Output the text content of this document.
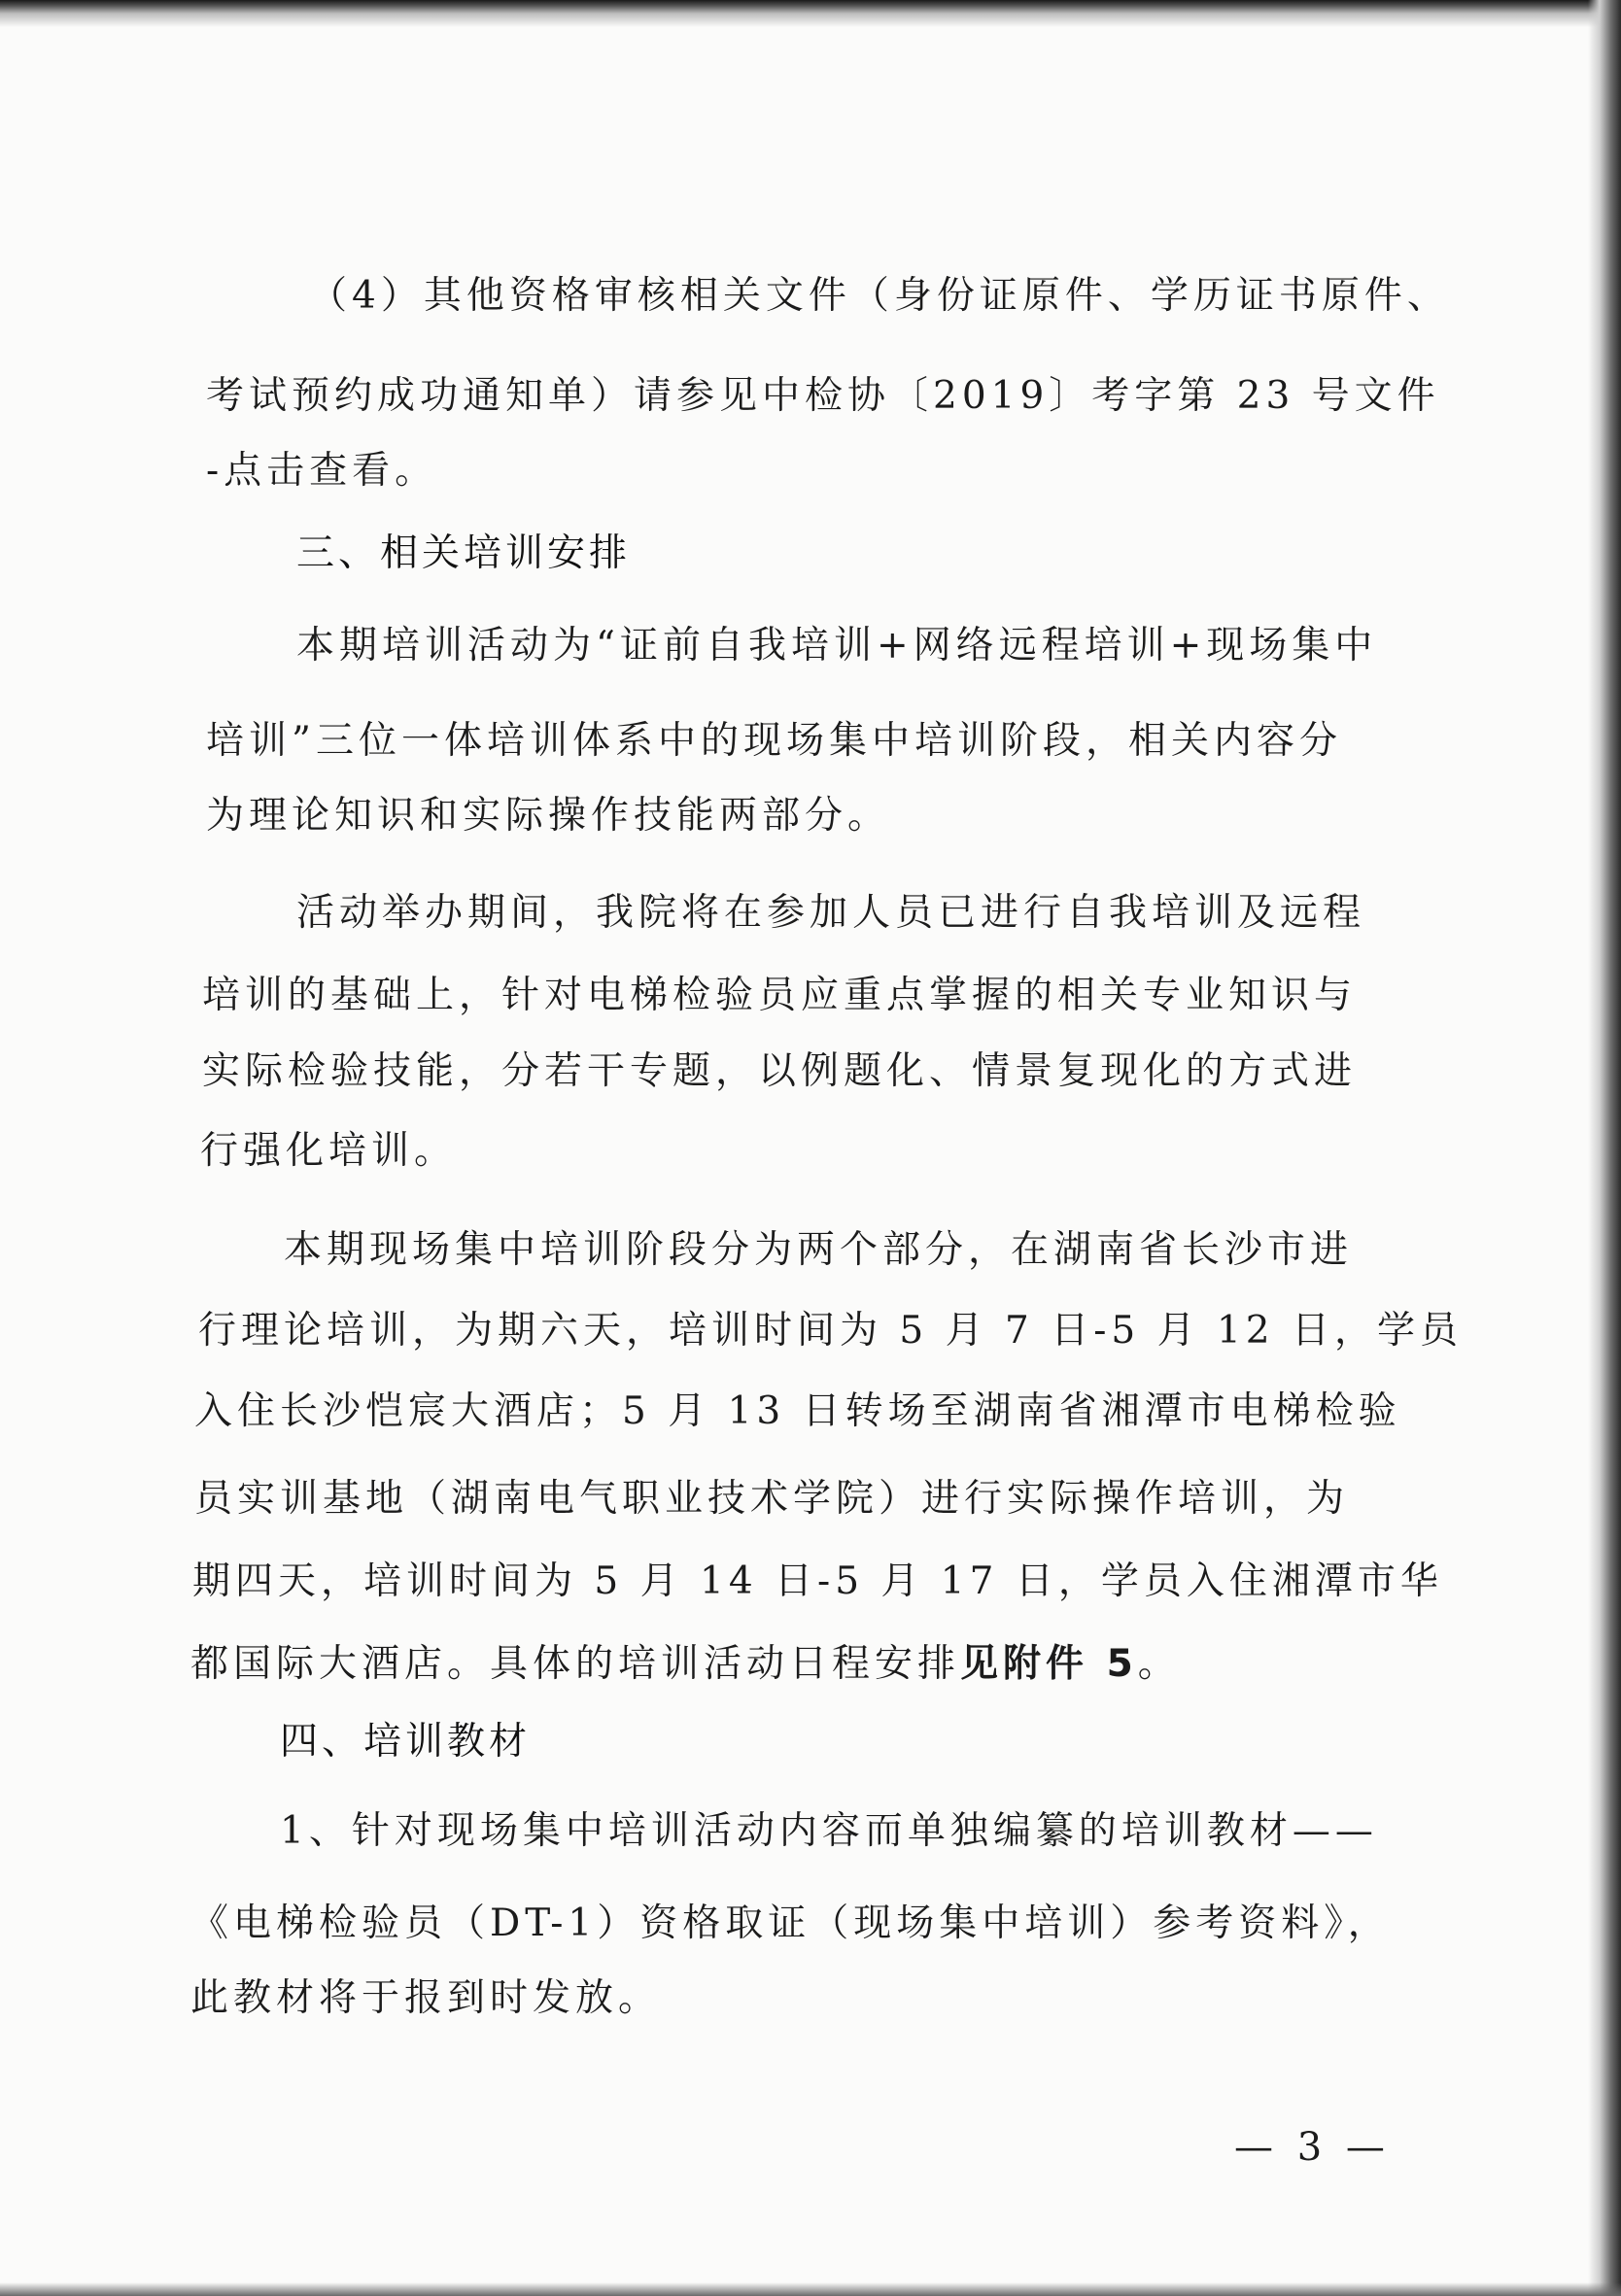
（4）其他资格审核相关文件（身份证原件、学历证书原件、

考试预约成功通知单）请参见中检协〔2019〕考字第 23 号文件

-点击查看。

三、相关培训安排

本期培训活动为“证前自我培训+网络远程培训+现场集中

培训”三位一体培训体系中的现场集中培训阶段，相关内容分

为理论知识和实际操作技能两部分。

活动举办期间，我院将在参加人员已进行自我培训及远程

培训的基础上，针对电梯检验员应重点掌握的相关专业知识与

实际检验技能，分若干专题，以例题化、情景复现化的方式进

行强化培训。

本期现场集中培训阶段分为两个部分，在湖南省长沙市进

行理论培训，为期六天，培训时间为 5 月 7 日-5 月 12 日，学员

入住长沙恺宸大酒店；5 月 13 日转场至湖南省湘潭市电梯检验

员实训基地（湖南电气职业技术学院）进行实际操作培训，为

期四天，培训时间为 5 月 14 日-5 月 17 日，学员入住湘潭市华

都国际大酒店。具体的培训活动日程安排见附件 5。

四、培训教材

1、针对现场集中培训活动内容而单独编纂的培训教材——

《电梯检验员（DT-1）资格取证（现场集中培训）参考资料》，

此教材将于报到时发放。

— 3 —
